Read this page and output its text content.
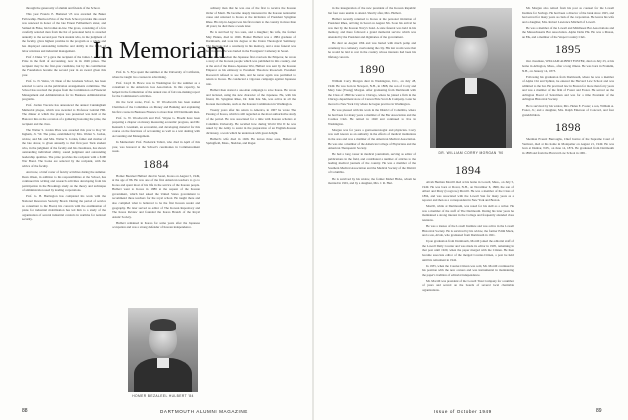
through the generosity of alumni and friends of the School.

This year Francis E. Hamsted '23 was awarded the Baker Fellowship. Harrison Price of the Tuck School provides this award was renewed in honor of the late Ernest Fellheimer's sister, and Samuel & Fiske, his brother-in-law. The gross, consisting of a few carefully selected men from the list of personnel held, is awarded annually to the second-year Tuck student who, in the judgment of the faculty, gives highest promise in the program as a whole and has displayed outstanding initiative and ability in the fields of labor relations and industrial management.

Prof J. Duke '17 p gave the recipient of the James J. and Duke Prize in the field of Accounting, now in its 1949 prizes. The recipient may be the first-year candidate, but by his contribution the Foundation became the second year in an award given this year.

Prof. G. N. Weiss, '21 Dean of the Graduate School, has been selected to serve on the publication arrangements committee. The School has received the plaque from the Commission on Financial Management and Administration for its Business Administration programs.

Prof. Jordan Trecarte has announced the annual Cunningham Memorial plaque, which was awarded to Professor Gabriel Hill. The dinner at which the plaque was presented was held at the Hanover Inn on the occasion of a gathering honoring the prize, the recipient and the class.

The Walter S. Jordan Prize was awarded this year to Roy W. Ingham, Jr. '50. The prize, established by Mrs. Walter S. Jordan, widow, and Mr. and Mrs. Walter S. Jordan, father and mother of the late donor, is given annually to that first-year Tuck student who, in the judgment of the faculty and his classmates, has shown outstanding individual ability, sound judgment and outstanding leadership qualities. The prize provides the recipient with a $100 War Bond. The books are selected by the recipient, with the advice of the faculty.

And now, a brief roster of faculty activities during the summer. Dean Olsen, in addition to his responsibilities at the School, has continued his writing and research activities developing from his participation in the Brookings study on the theory and technique of administration used by leading corporations.

Prof. G. B. Barrington has completed his work with the National Resources Security Board. During the period of service as consultant to the Board, his concern with the examination of plans for industrial mobilization has led him to a study of the organization of several industrial controls in wartime for national security.

In Memoriam

Prof. K. S. Frye spent the summer at the University of California, where he taught two courses in advertising.

Prof. Lloyd D. Brace was in Washington for the summer as a consultant to the American Gas Association. In this capacity, he helped in the formulation of the annual rate of fair rate-making report for the Commission's activities.

On the local scene, Prof. G. W. Woodworth has been named Chairman of the Committee on Money and Banking and explaining his first course in Business Finance to more than 100 Dartmouth men.

Prof. G. W. Woodworth and Prof. Wayne G. Broehl have been preparing a chapter on money measuring economic progress, and Mr. Kenneth I. Gresham, an economist, and developing material for this course on the functions of accounting as well as a text dealing with Accounting and Management.

In Memoriam: Prof. Frederick Tallett, who died in April of this year, was honored at the School's ceremonies in Commencement week.

1884

Homer Bezaleel Hulbert died in Seoul, Korea on August 5, 1949, at the age of 86. He was one of the first American teachers to go to Korea and spent most of his life in the service of the Korean people. Hulbert went to Korea in 1886 at the request of the Korean government, which had asked the United States government to recommend three teachers for the royal school. He taught there and also compiled what is believed to be the first Korean reader and geography. He later served as editor of The Korean Repository and The Korea Review and founded the Korea Branch of the Royal Asiatic Society.

Hulbert remained in Korea for some years after the Japanese occupation and was a strong defender of Korean independence.

ordinary man that he was one of the first to receive the Korean Order of Merit. He became deeply interested in the Korean nationalist cause and returned to Korea at the invitation of President Syngman Rhee. His trip in August was his first return to the country in more than 40 years; he died there a week later.

He is survived by two sons, and a daughter; his wife, the former May Hanna, died in 1926. Homer Hulbert was a 1884 graduate of Dartmouth, and took his degree at the Union Theological Seminary. The Koreans had a ceremony in his memory, and a state funeral was held for him. He was buried in the Foreigners' Cemetery in Seoul.

At the time when the Japanese first overtook the Emperor, he wrote a story of the Korean people which was published in this country, and at the end of the Russo-Japanese War, Hulbert was sent by the Korean Emperor as his emissary to President Theodore Roosevelt. President Roosevelt refused to see him, and he never again was permitted to return to Korea. He conducted a vigorous campaign against Japanese rule.

Hulbert then started a one-man campaign to save Korea. He wrote and lectured, using the new character of the Japanese. He, with his friend, Dr. Syngman Rhee, Dr. Kim Kiu Sik, was active in all the Korean movements, such as the Korean Commission in Washington.

Twenty years after his return to America, in 1907 he wrote The Passing of Korea, which is still regarded as the most authoritative study of the period. He was associated for a time with Korean scholars at Columbia University. He recalled how during World War II he was asked by the Army to assist in the preparation of an English-Korean dictionary, a work which he undertook with great delight.

Hulbert's wife died in 1926. He leaves three sons, Hubert of Springfield, Mass., Sheldon, and Roger.

HOMER BEZALEEL HULBERT '84
88	DARTMOUTH ALUMNI MAGAZINE

in the inauguration of the new president of the Korean Republic but four were unable to attend. Shortly after, Mrs. Hulbert.

Hulbert recently returned to Korea at the personal invitation of President Rhee, arriving in Seoul on August 5th. Soon his arrival he was met by the Korean Navy's band. A state funeral was held in his memory, and there followed a grand memorial service which was attended by the President and dignitaries of the government.

He died on August 18th and was buried with much pomp and ceremony in a cemetery overlooking the city. His last words were that he would be laid to rest in the country whose interests had been his lifelong concern.

1890

William Corry Morgan died in Washington, D.C., on July 28, 1949. He was born in Newport, N.H., in 1868, the son of Corry and Mary Jane (Young) Morgan. After graduating from Dartmouth with the Class of 1890 he went to Chicago, where he joined a firm in the Chicago department store of Carson Pirie Scott & Company. Later he moved to New York City where he began practice in Washington.

He was pleased with his work in the District of Columbia, where he had been for many years a member of the Bar Association and the Cosmos Club. He retired in 1940 and continued to live in Washington.

Morgan was for years a gastroenterologist and physician. Corry was well known as an authority in the effects of medical institutions in the area and was a member of the American Medical Association. He was also a member of the American College of Physicians and the American Therapeutic Society.

He had a long career in medical journalism, serving as editor of publications in the field, and contributed a number of articles to the leading medical journals of the country. He was a member of the Southern Medical Association and the Medical Society of the District of Columbia.

He is survived by his widow, the former Mabel Hicks, whom he married in 1901, and by a daughter, Mrs. J. R. Hart.

DR. WILLIAM CORRY MORGAN '90
1894

Alvah Herman Morrill died at his home in Lowell, Mass., on July 5, 1949. He was born at Dover, N.H., on November 6, 1869, the son of Albert and Mary (Cosgrove) Morrill. He was a member of the Class of 1894, and was associated with the Lowell Sun for many years as a reporter and then as a correspondent in New York and Boston.

Morrill, while at Dartmouth, was noted for his skill as a writer. He was a member of the staff of The Dartmouth. During his later years he maintained a strong interest in the College and frequently attended class reunions.

He was a trustee of the Lowell Institute and was active in the Lowell Historical Society. He is survived by his widow, the former Edith Mack, and a son, Alvah, who graduated from Dartmouth in 1921.

Upon graduation from Dartmouth, Morrill joined the editorial staff of the Lowell Daily Courier and was made its editor in 1905, remaining in that post until 1920, when the paper merged with the Citizen. He then became associate editor of the merged Courier-Citizen, a post he held until his retirement in 1942.

In 1935, when the Courier-Citizen was sold, Mr. Morrill continued in his position with the new owners and was instrumental in maintaining the paper's tradition of editorial independence.

Mr. Morrill was president of the Lowell Trust Company for a number of years and served on the boards of several local charitable organizations.

Mr. Morgan also retired from his post as counsel for the Lowell Institute for Savings. He had been a director of the bank since 1925, and had served for many years as clerk of the corporation. He leaves his wife and a daughter, Mrs. Robert Lawrence Mitchell of Lowell.

He was a member of the Lowell and Middlesex Bar Associations and the Massachusetts Bar Association. Alpha Delta Phi. He was a Mason, an Elk, and a member of the Vesper Country Club.

1895

Our classmate, WILLIAM ALBERT FOSTER, died on July 23, at his home in Arlington, Mass., after a long illness. He was born in Franklin, N.H., on January 14, 1873.

Following his graduation from Dartmouth, where he was a member of Alpha Chi and Sphinx, he entered the Harvard Law School and was admitted to the bar. He practiced law in Boston for more than forty years and was a member of the firm of Foster and Foster. He served on the Arlington Board of Selectmen and was for a time President of the Arlington Historical Society.

He is survived by his widow, Mrs. Helen E. Foster; a son, William A. Foster, Jr.; and a daughter, Mrs. Ralph Emerson of Concord, and four grandchildren.

1898

Sherman Everett Burroughs, Chief Justice of the Supreme Court of Vermont, died at his home in Montpelier on August 21, 1949. He was born at Dunbar, N.H., on June 14, 1874. He graduated from Dartmouth in 1898 and from the Harvard Law School in 1901.

Issue of October 1949	89
